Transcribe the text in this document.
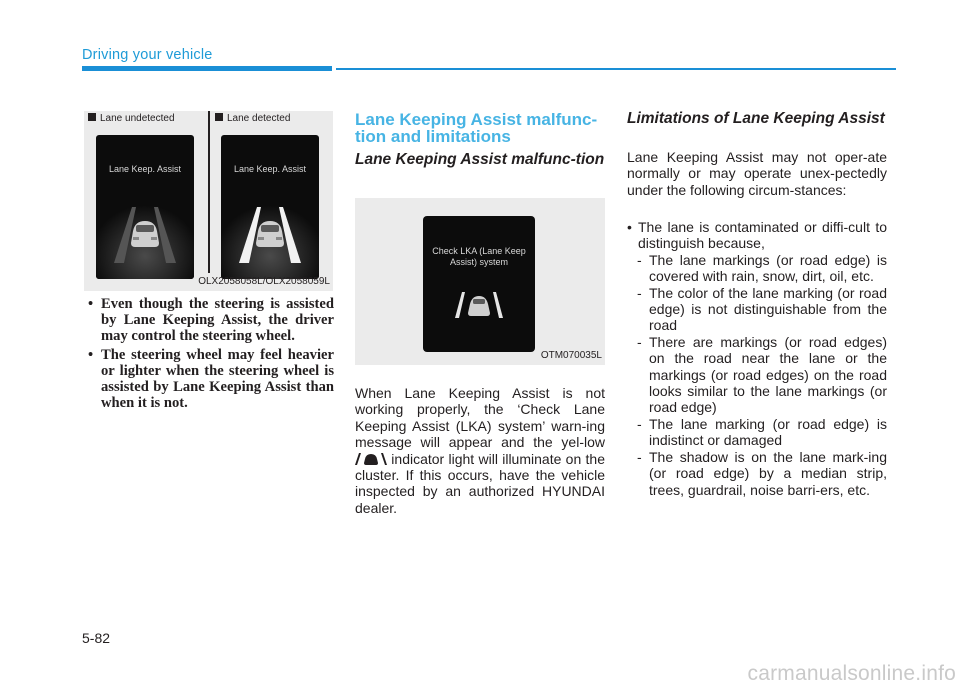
Driving your vehicle
Lane undetected	Lane detected
Lane Keep. Assist	Lane Keep. Assist
OLX2058058L/OLX2058059L
• Even though the steering is assisted by Lane Keeping Assist, the driver may control the steering wheel.
• The steering wheel may feel heavier or lighter when the steering wheel is assisted by Lane Keeping Assist than when it is not.
Lane Keeping Assist malfunc-tion and limitations
Lane Keeping Assist malfunc-tion
Check LKA (Lane Keep Assist) system
OTM070035L
When Lane Keeping Assist is not working properly, the ‘Check Lane Keeping Assist (LKA) system’ warn-ing message will appear and the yel-low  indicator light will illuminate on the cluster. If this occurs, have the vehicle inspected by an authorized HYUNDAI dealer.
Limitations of Lane Keeping Assist
Lane Keeping Assist may not oper-ate normally or may operate unex-pectedly under the following circum-stances:
• The lane is contaminated or diffi-cult to distinguish because,
- The lane markings (or road edge) is covered with rain, snow, dirt, oil, etc.
- The color of the lane marking (or road edge) is not distinguishable from the road
- There are markings (or road edges) on the road near the lane or the markings (or road edges) on the road looks similar to the lane markings (or road edge)
- The lane marking (or road edge) is indistinct or damaged
- The shadow is on the lane mark-ing (or road edge) by a median strip, trees, guardrail, noise barri-ers, etc.
5-82
carmanualsonline.info
